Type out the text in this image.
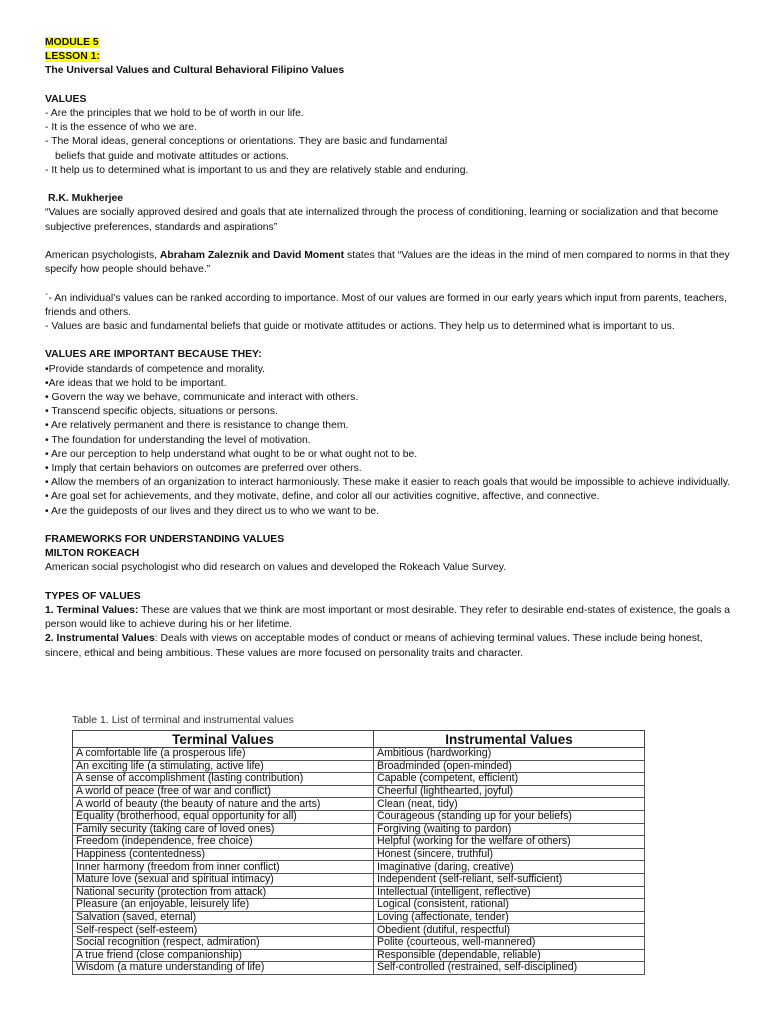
MODULE 5

LESSON 1:

The Universal Values and Cultural Behavioral Filipino Values

VALUES

- Are the principles that we hold to be of worth in our life.

- It is the essence of who we are.

- The Moral ideas, general conceptions or orientations. They are basic and fundamental

beliefs that guide and motivate attitudes or actions.

- It help us to determined what is important to us and they are relatively stable and enduring.

R.K. Mukherjee

“Values are socially approved desired and goals that ate internalized through the process of conditioning, learning or socialization and that become subjective preferences, standards and aspirations”

American psychologists, Abraham Zaleznik and David Moment states that “Values are the ideas in the mind of men compared to norms in that they specify how people should behave.”

`- An individual’s values can be ranked according to importance. Most of our values are formed in our early years which input from parents, teachers, friends and others.

- Values are basic and fundamental beliefs that guide or motivate attitudes or actions. They help us to determined what is important to us.

VALUES ARE IMPORTANT BECAUSE THEY:

•Provide standards of competence and morality.

•Are ideas that we hold to be important.

• Govern the way we behave, communicate and interact with others.

• Transcend specific objects, situations or persons.

• Are relatively permanent and there is resistance to change them.

• The foundation for understanding the level of motivation.

• Are our perception to help understand what ought to be or what ought not to be.

• Imply that certain behaviors on outcomes are preferred over others.

• Allow the members of an organization to interact harmoniously. These make it easier to reach goals that would be impossible to achieve individually.

• Are goal set for achievements, and they motivate, define, and color all our activities cognitive, affective, and connective.

• Are the guideposts of our lives and they direct us to who we want to be.

FRAMEWORKS FOR UNDERSTANDING VALUES

MILTON ROKEACH

American social psychologist who did research on values and developed the Rokeach Value Survey.

TYPES OF VALUES

1. Terminal Values: These are values that we think are most important or most desirable. They refer to desirable end-states of existence, the goals a person would like to achieve during his or her lifetime.

2. Instrumental Values: Deals with views on acceptable modes of conduct or means of achieving terminal values. These include being honest, sincere, ethical and being ambitious. These values are more focused on personality traits and character.

Table 1. List of terminal and instrumental values
Terminal Values	Instrumental Values
A comfortable life (a prosperous life)	Ambitious (hardworking)
An exciting life (a stimulating, active life)	Broadminded (open-minded)
A sense of accomplishment (lasting contribution)	Capable (competent, efficient)
A world of peace (free of war and conflict)	Cheerful (lighthearted, joyful)
A world of beauty (the beauty of nature and the arts)	Clean (neat, tidy)
Equality (brotherhood, equal opportunity for all)	Courageous (standing up for your beliefs)
Family security (taking care of loved ones)	Forgiving (waiting to pardon)
Freedom (independence, free choice)	Helpful (working for the welfare of others)
Happiness (contentedness)	Honest (sincere, truthful)
Inner harmony (freedom from inner conflict)	Imaginative (daring, creative)
Mature love (sexual and spiritual intimacy)	Independent (self-reliant, self-sufficient)
National security (protection from attack)	Intellectual (intelligent, reflective)
Pleasure (an enjoyable, leisurely life)	Logical (consistent, rational)
Salvation (saved, eternal)	Loving (affectionate, tender)
Self-respect (self-esteem)	Obedient (dutiful, respectful)
Social recognition (respect, admiration)	Polite (courteous, well-mannered)
A true friend (close companionship)	Responsible (dependable, reliable)
Wisdom (a mature understanding of life)	Self-controlled (restrained, self-disciplined)
